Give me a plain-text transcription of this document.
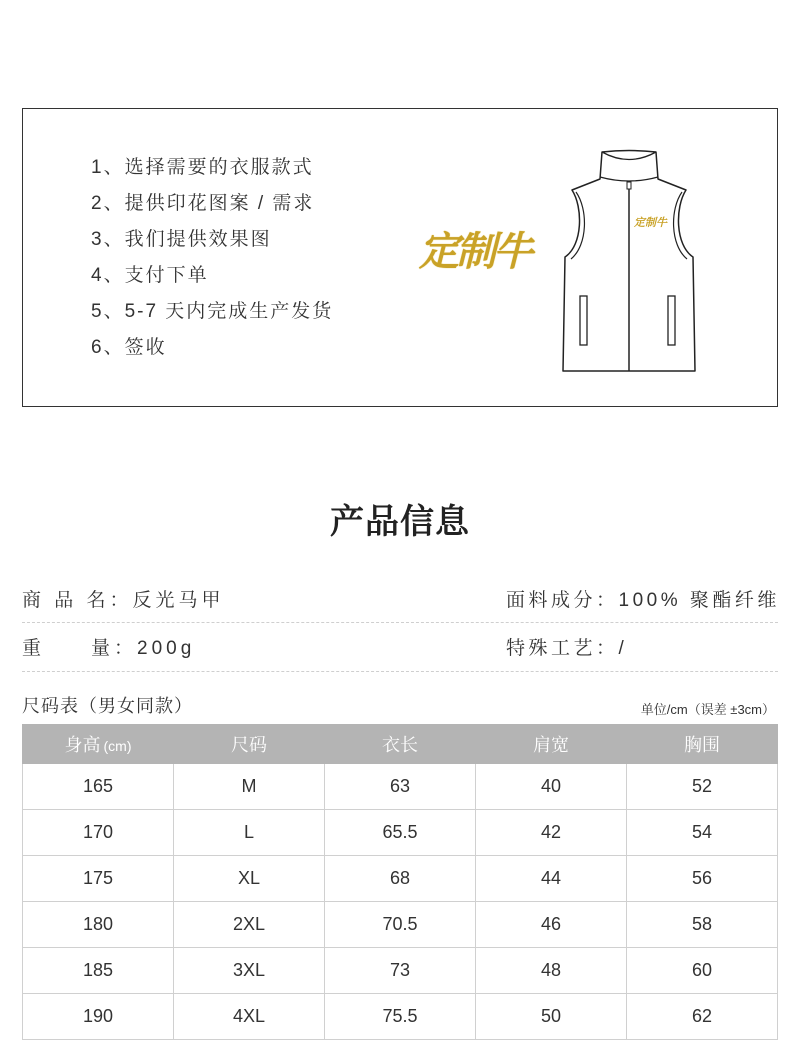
1、选择需要的衣服款式
2、提供印花图案 / 需求
3、我们提供效果图
4、支付下单
5、5-7 天内完成生产发货
6、签收
定制牛
定制牛
产品信息
商 品 名：反光马甲	面料成分：100% 聚酯纤维
重　　量：200g	特殊工艺：/
尺码表（男女同款）	单位/cm（误差 ±3cm）
身高 (cm)	尺码	衣长	肩宽	胸围
165	M	63	40	52
170	L	65.5	42	54
175	XL	68	44	56
180	2XL	70.5	46	58
185	3XL	73	48	60
190	4XL	75.5	50	62
